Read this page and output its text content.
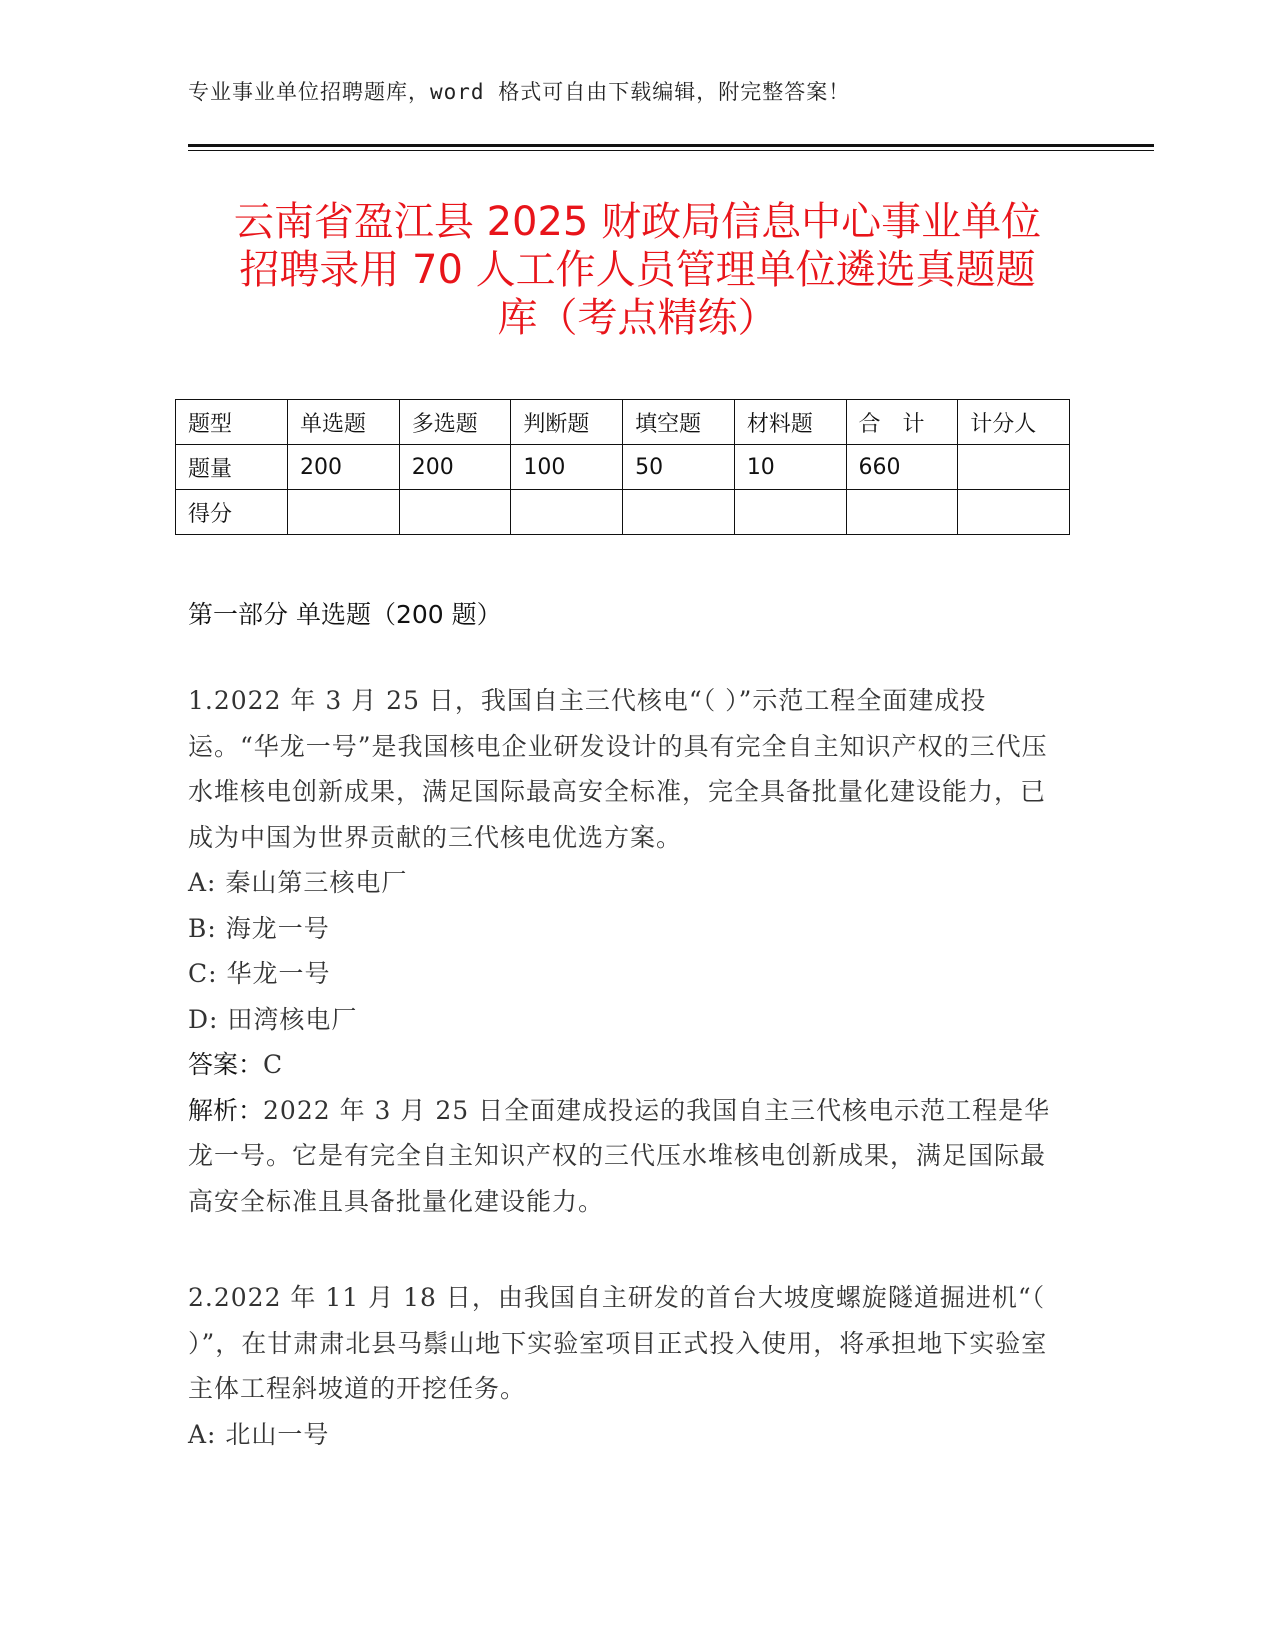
专业事业单位招聘题库，word 格式可自由下载编辑，附完整答案！
云南省盈江县 2025 财政局信息中心事业单位
招聘录用 70 人工作人员管理单位遴选真题题
库（考点精练）
题型	单选题	多选题	判断题	填空题	材料题	合　计	计分人
题量	200	200	100	50	10	660	
得分							
第一部分 单选题（200 题）

1.2022 年 3 月 25 日，我国自主三代核电“（ ）”示范工程全面建成投运。“华龙一号”是我国核电企业研发设计的具有完全自主知识产权的三代压水堆核电创新成果，满足国际最高安全标准，完全具备批量化建设能力，已成为中国为世界贡献的三代核电优选方案。

A: 秦山第三核电厂

B: 海龙一号

C: 华龙一号

D: 田湾核电厂

答案：C

解析：2022 年 3 月 25 日全面建成投运的我国自主三代核电示范工程是华龙一号。它是有完全自主知识产权的三代压水堆核电创新成果，满足国际最高安全标准且具备批量化建设能力。

2.2022 年 11 月 18 日，由我国自主研发的首台大坡度螺旋隧道掘进机“（ ）”，在甘肃肃北县马鬃山地下实验室项目正式投入使用，将承担地下实验室主体工程斜坡道的开挖任务。

A: 北山一号
